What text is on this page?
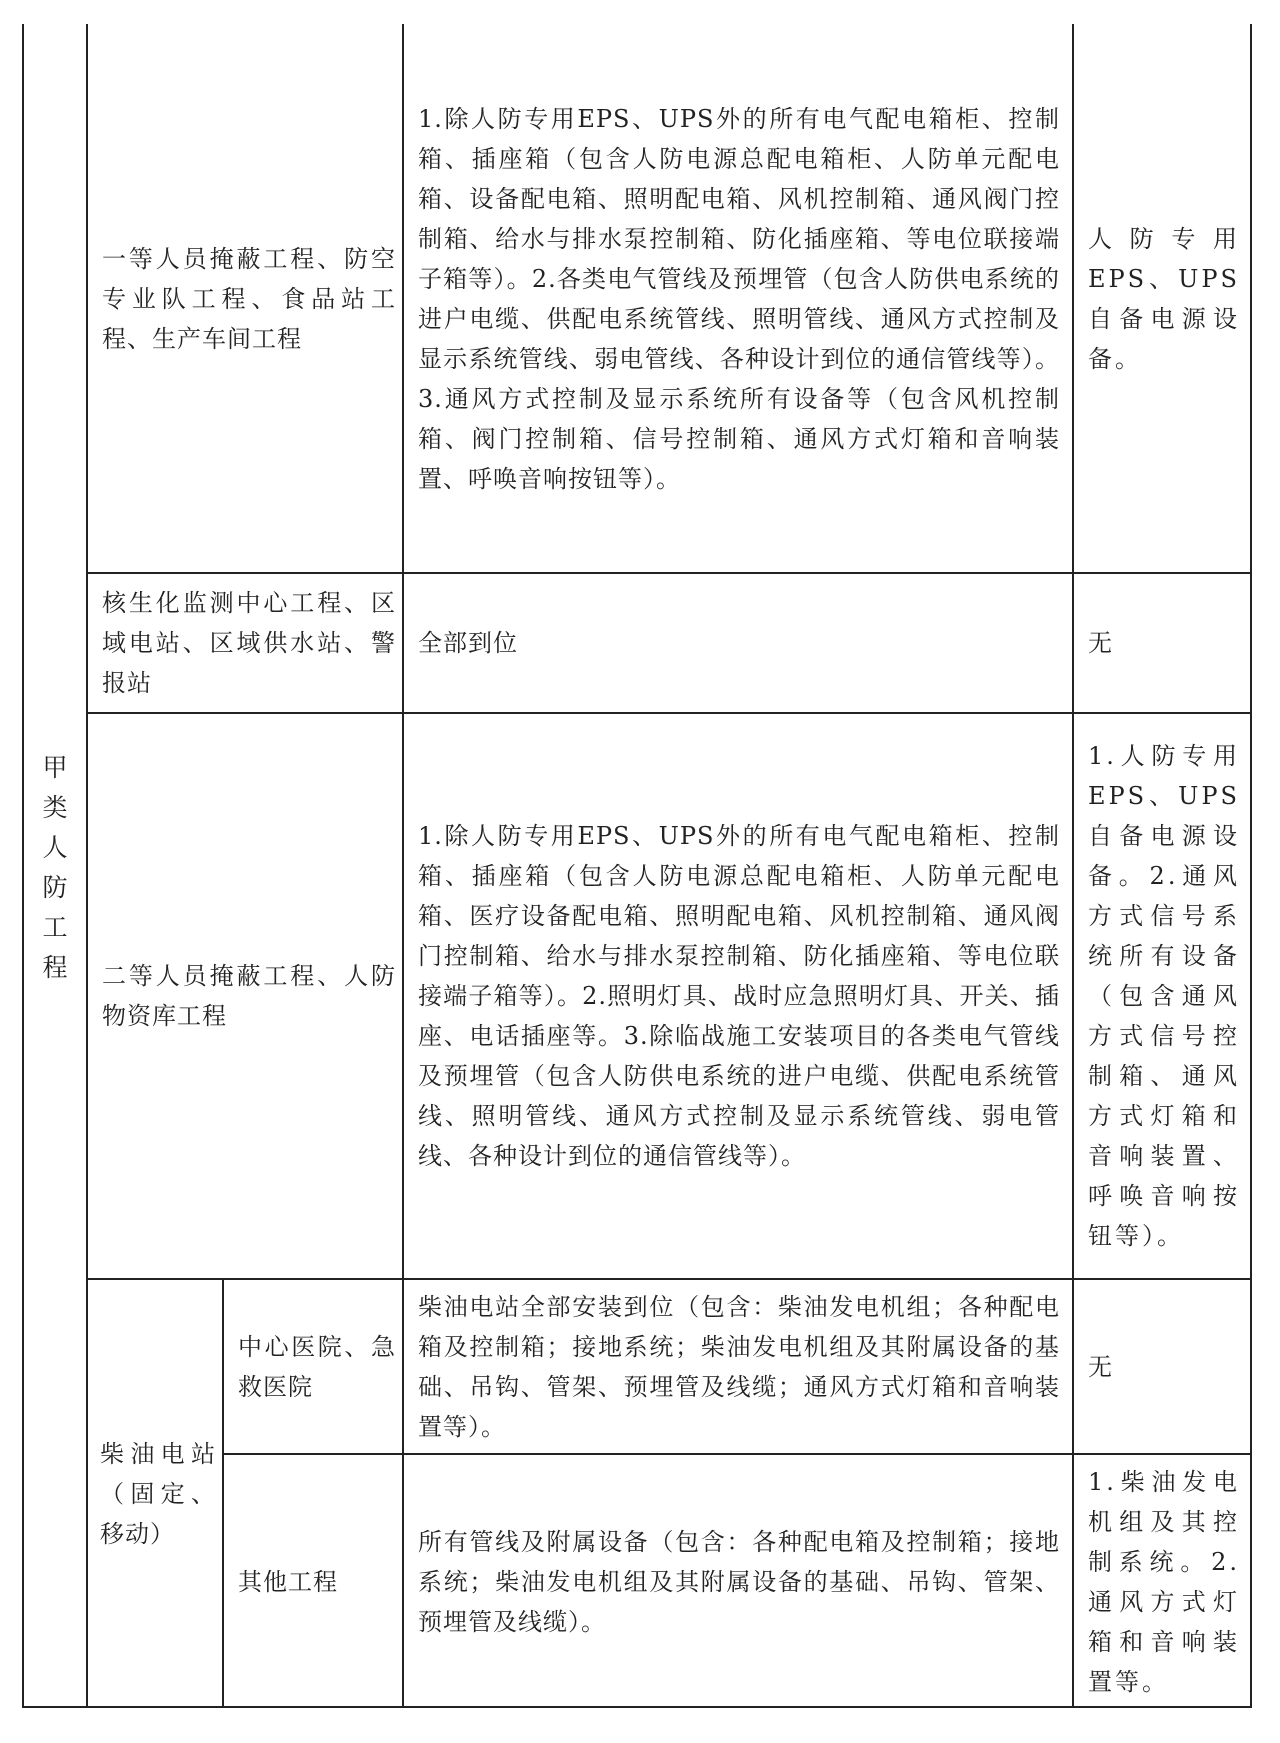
甲
类
人
防
工
程
一等人员掩蔽工程、防空专业队工程、食品站工程、生产车间工程
1.除人防专用EPS、UPS外的所有电气配电箱柜、控制箱、插座箱（包含人防电源总配电箱柜、人防单元配电箱、设备配电箱、照明配电箱、风机控制箱、通风阀门控制箱、给水与排水泵控制箱、防化插座箱、等电位联接端子箱等）。2.各类电气管线及预埋管（包含人防供电系统的进户电缆、供配电系统管线、照明管线、通风方式控制及显示系统管线、弱电管线、各种设计到位的通信管线等）。3.通风方式控制及显示系统所有设备等（包含风机控制箱、阀门控制箱、信号控制箱、通风方式灯箱和音响装置、呼唤音响按钮等）。
人防专用EPS、UPS自备电源设备。
核生化监测中心工程、区域电站、区域供水站、警报站
全部到位	无
二等人员掩蔽工程、人防物资库工程
1.除人防专用EPS、UPS外的所有电气配电箱柜、控制箱、插座箱（包含人防电源总配电箱柜、人防单元配电箱、医疗设备配电箱、照明配电箱、风机控制箱、通风阀门控制箱、给水与排水泵控制箱、防化插座箱、等电位联接端子箱等）。2.照明灯具、战时应急照明灯具、开关、插座、电话插座等。3.除临战施工安装项目的各类电气管线及预埋管（包含人防供电系统的进户电缆、供配电系统管线、照明管线、通风方式控制及显示系统管线、弱电管线、各种设计到位的通信管线等）。
1.人防专用EPS、UPS自备电源设备。2.通风方式信号系统所有设备（包含通风方式信号控制箱、通风方式灯箱和音响装置、呼唤音响按钮等）。
柴油电站（固定、移动）
中心医院、急救医院
柴油电站全部安装到位（包含：柴油发电机组；各种配电箱及控制箱；接地系统；柴油发电机组及其附属设备的基础、吊钩、管架、预埋管及线缆；通风方式灯箱和音响装置等）。
无
其他工程
所有管线及附属设备（包含：各种配电箱及控制箱；接地系统；柴油发电机组及其附属设备的基础、吊钩、管架、预埋管及线缆）。
1.柴油发电机组及其控制系统。2.通风方式灯箱和音响装置等。
